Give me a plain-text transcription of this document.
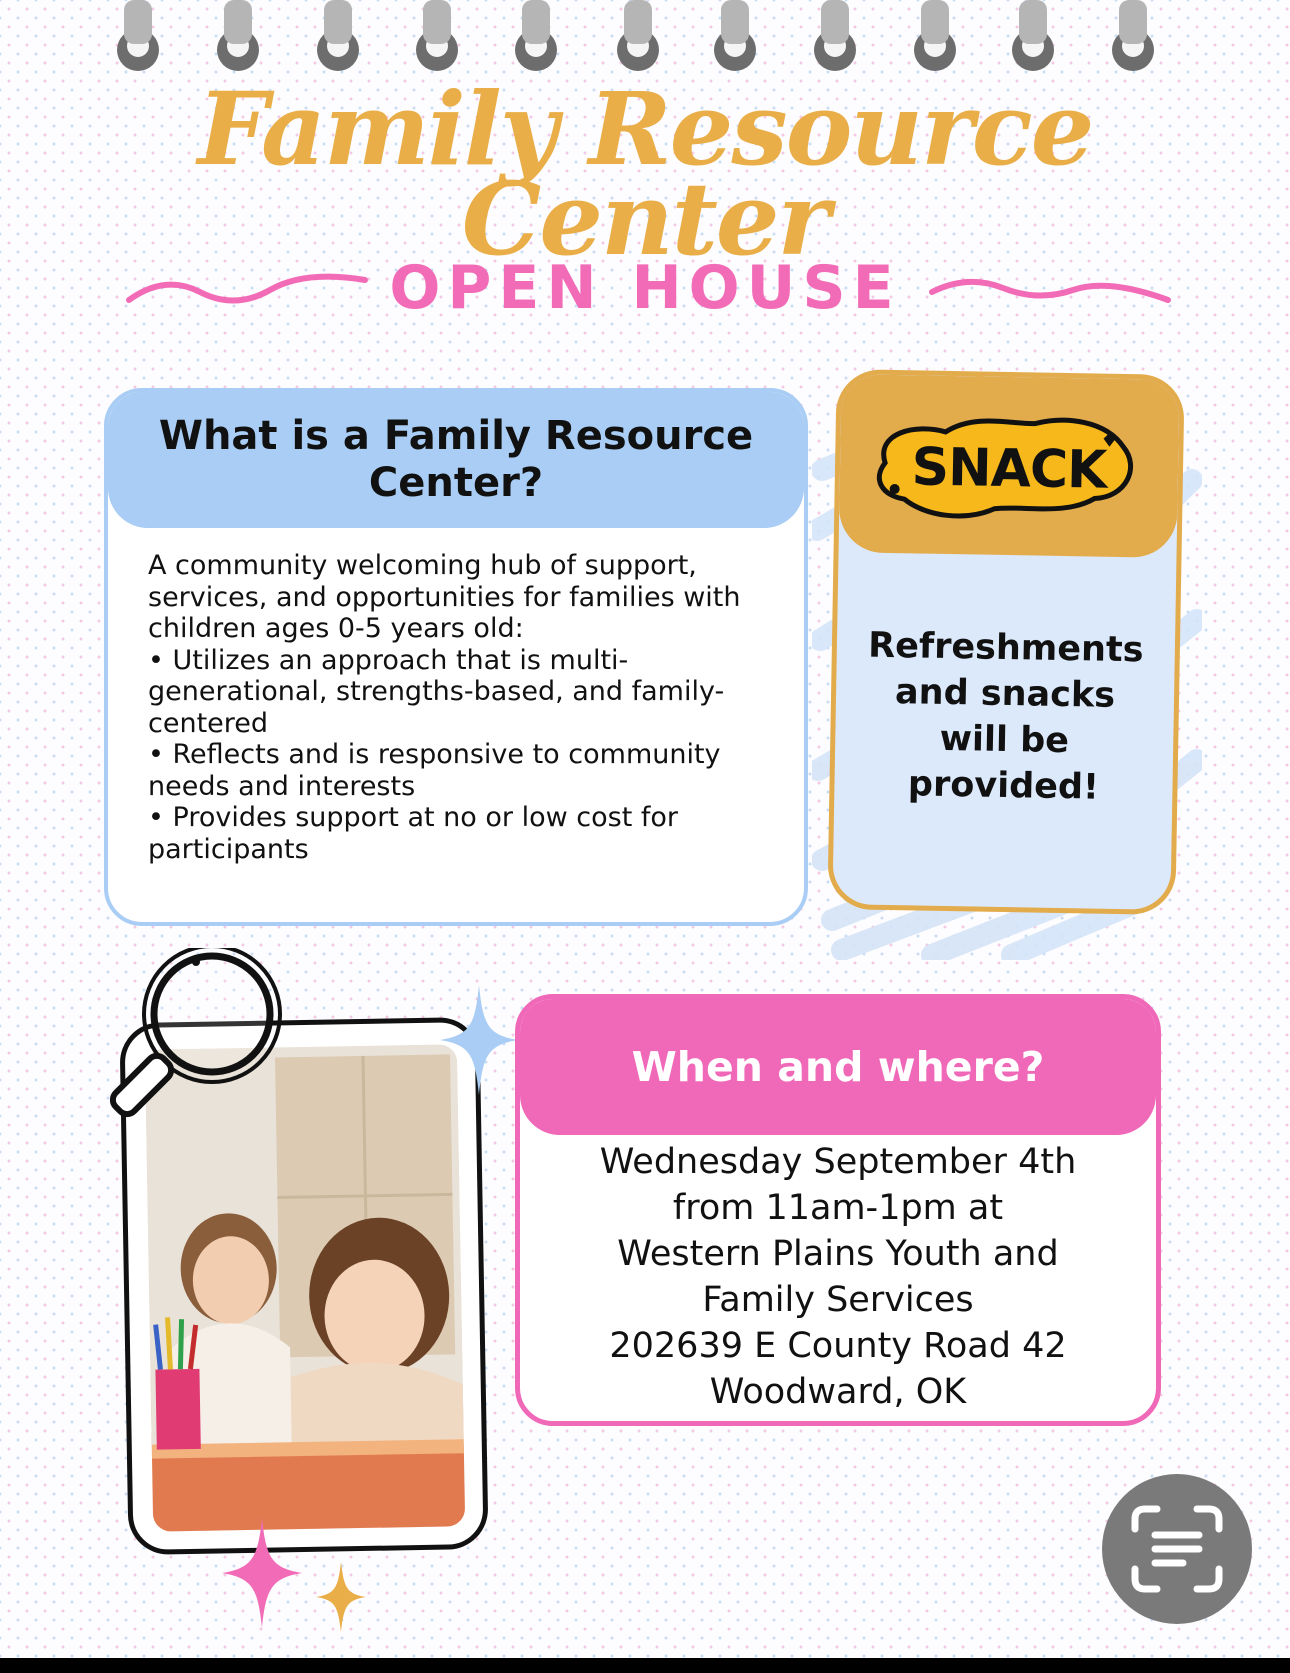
Family Resource
Center

OPEN HOUSE

What is a Family Resource Center?

A community welcoming hub of support, services, and opportunities for families with children ages 0-5 years old:

• Utilizes an approach that is multi-generational, strengths-based, and family-centered

• Reflects and is responsive to community needs and interests

• Provides support at no or low cost for participants

SNACK

Refreshments

and snacks

will be

provided!

When and where?

Wednesday September 4th

from 11am-1pm at

Western Plains Youth and

Family Services

202639 E County Road 42

Woodward, OK
